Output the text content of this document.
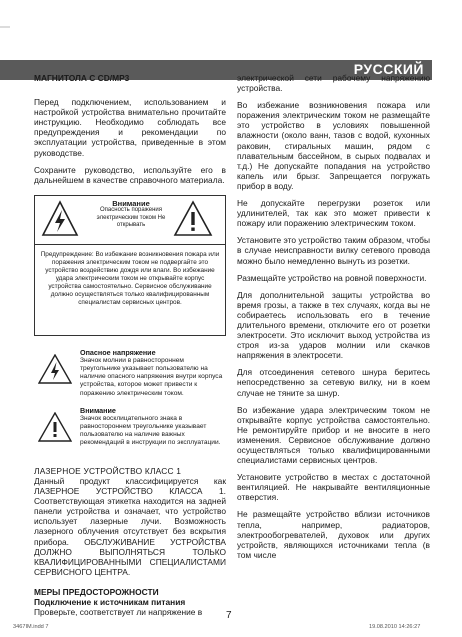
РУССКИЙ

МАГНИТОЛА С CD/MP3

Перед подключением, использованием и настройкой устройства внимательно прочитайте инструкцию. Необходимо соблюдать все предупреждения и рекомендации по эксплуатации устройства, приведенные в этом руководстве.

Сохраните руководство, используйте его в дальнейшем в качестве справочного материала.

Внимание
Опасность поражения электрическим током Не открывать
Предупреждение: Во избежание возникновения пожара или поражения электрическим током не подвергайте это устройство воздействию дождя или влаги. Во избежание удара электрическим током не открывайте корпус устройства самостоятельно. Сервисное обслуживание должно осуществляться только квалифицированным специалистам сервисных центров.

Опасное напряжение

Значок молнии в равностороннем треугольнике указывает пользователю на наличие опасного напряжения внутри корпуса устройства, которое может привести к поражению электрическим током.

Внимание

Значок восклицательного знака в равностороннем треугольнике указывает пользователю на наличие важных рекомендаций в инструкции по эксплуатации.

ЛАЗЕРНОЕ УСТРОЙСТВО КЛАСС 1

Данный продукт классифицируется как ЛАЗЕРНОЕ УСТРОЙСТВО КЛАССА 1. Соответствующая этикетка находится на задней панели устройства и означает, что устройство использует лазерные лучи. Возможность лазерного облучения отсутствует без вскрытия прибора. ОБСЛУЖИВАНИЕ УСТРОЙСТВА ДОЛЖНО ВЫПОЛНЯТЬСЯ ТОЛЬКО КВАЛИФИЦИРОВАННЫМИ СПЕЦИАЛИСТАМИ СЕРВИСНОГО ЦЕНТРА.

МЕРЫ ПРЕДОСТОРОЖНОСТИ

Подключение к источникам питания

Проверьте, соответствует ли напряжение в

электрической сети рабочему напряжению устройства.

Во избежание возникновения пожара или поражения электрическим током не размещайте это устройство в условиях повышенной влажности (около ванн, тазов с водой, кухонных раковин, стиральных машин, рядом с плавательным бассейном, в сырых подвалах и т.д.) Не допускайте попадания на устройство капель или брызг. Запрещается погружать прибор в воду.

Не допускайте перегрузки розеток или удлинителей, так как это может привести к пожару или поражению электрическим током.

Установите это устройство таким образом, чтобы в случае неисправности вилку сетевого провода можно было немедленно вынуть из розетки.

Размещайте устройство на ровной поверхности.

Для дополнительной защиты устройства во время грозы, а также в тех случаях, когда вы не собираетесь использовать его в течение длительного времени, отключите его от розетки электросети. Это исключит выход устройства из строя из-за ударов молнии или скачков напряжения в электросети.

Для отсоединения сетевого шнура беритесь непосредственно за сетевую вилку, ни в коем случае не тяните за шнур.

Во избежание удара электрическим током не открывайте корпус устройства самостоятельно. Не ремонтируйте прибор и не вносите в него изменения. Сервисное обслуживание должно осуществляться только квалифицированными специалистами сервисных центров.

Установите устройство в местах с достаточной вентиляцией. Не накрывайте вентиляционные отверстия.

Не размещайте устройство вблизи источников тепла, например, радиаторов, электрообогревателей, духовок или других устройств, являющихся источниками тепла (в том числе

7
3467IM.indd 7	19.08.2010 14:26:27
